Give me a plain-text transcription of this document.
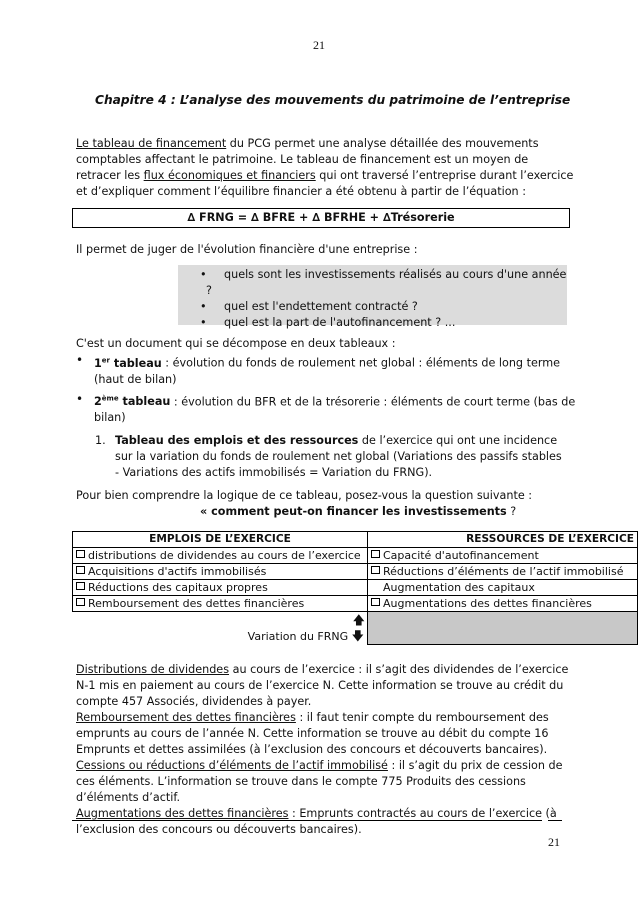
21
Chapitre 4 : L’analyse des mouvements du patrimoine de l’entreprise

Le tableau de financement du PCG permet une analyse détaillée des mouvements comptables affectant le patrimoine. Le tableau de financement est un moyen de retracer les flux économiques et financiers qui ont traversé l’entreprise durant l’exercice et d’expliquer comment l’équilibre financier a été obtenu à partir de l’équation :

∆ FRNG = ∆ BFRE + ∆ BFRHE + ∆Trésorerie

Il permet de juger de l'évolution financière d'une entreprise :

• quels sont les investissements réalisés au cours d'une année ?
• quel est l'endettement contracté ?
• quel est la part de l'autofinancement ? ...

C'est un document qui se décompose en deux tableaux :

• 1er tableau : évolution du fonds de roulement net global : éléments de long terme (haut de bilan)
• 2ème tableau : évolution du BFR et de la trésorerie : éléments de court terme (bas de bilan)
1. Tableau des emplois et des ressources de l’exercice qui ont une incidence sur la variation du fonds de roulement net global (Variations des passifs stables - Variations des actifs immobilisés = Variation du FRNG).

Pour bien comprendre la logique de ce tableau, posez-vous la question suivante :

« comment peut-on financer les investissements ?

EMPLOIS DE L’EXERCICE	RESSOURCES DE L’EXERCICE
distributions de dividendes au cours de l’exercice	Capacité d'autofinancement
Acquisitions d'actifs immobilisés	Réductions d’éléments de l’actif immobilisé
Réductions des capitaux propres	Augmentation des capitaux
Remboursement des dettes financières	Augmentations des dettes financières

🡅
Variation du FRNG 🡇	

Distributions de dividendes au cours de l’exercice : il s’agit des dividendes de l’exercice N-1 mis en paiement au cours de l’exercice N. Cette information se trouve au crédit du compte 457 Associés, dividendes à payer.

Remboursement des dettes financières : il faut tenir compte du remboursement des emprunts au cours de l’année N. Cette information se trouve au débit du compte 16 Emprunts et dettes assimilées (à l’exclusion des concours et découverts bancaires).

Cessions ou réductions d’éléments de l’actif immobilisé : il s’agit du prix de cession de ces éléments. L’information se trouve dans le compte 775 Produits des cessions d’éléments d’actif.

Augmentations des dettes financières : Emprunts contractés au cours de l’exercice (à l’exclusion des concours ou découverts bancaires).

21
